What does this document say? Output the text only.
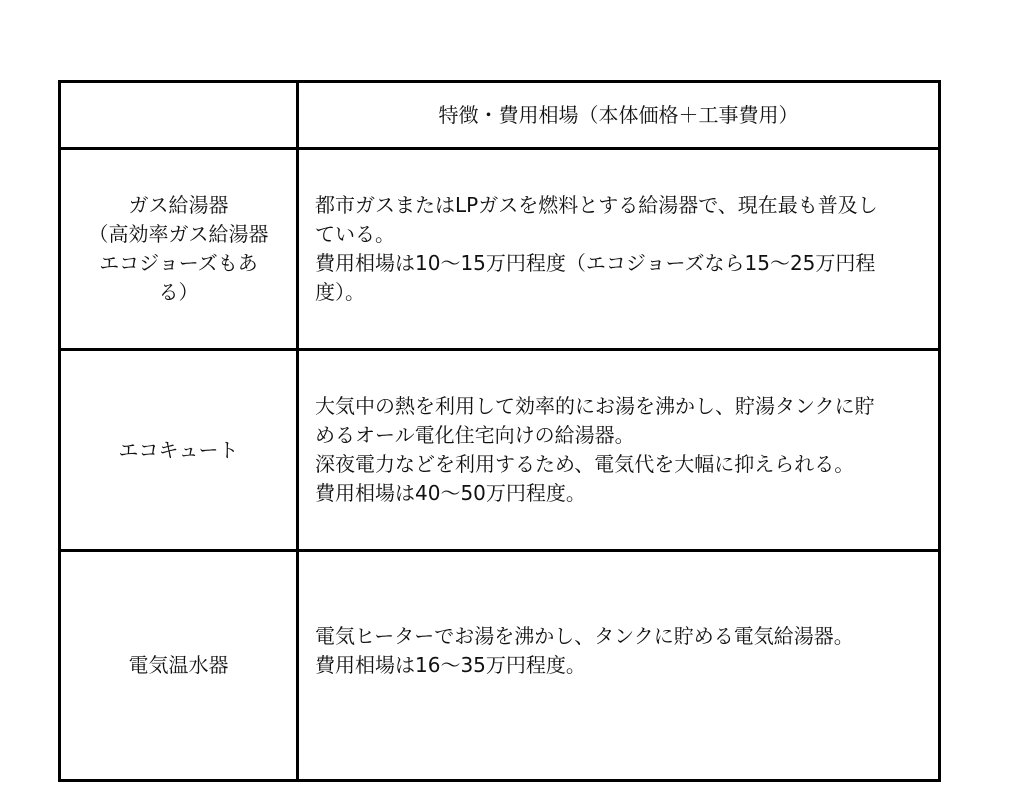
	特徴・費用相場（本体価格＋工事費用）

ガス給湯器
（高効率ガス給湯器
エコジョーズもあ
る）	都市ガスまたはLPガスを燃料とする給湯器で、現在最も普及し
ている。
費用相場は10〜15万円程度（エコジョーズなら15〜25万円程
度）。

エコキュート	大気中の熱を利用して効率的にお湯を沸かし、貯湯タンクに貯
めるオール電化住宅向けの給湯器。
深夜電力などを利用するため、電気代を大幅に抑えられる。
費用相場は40〜50万円程度。

電気温水器	電気ヒーターでお湯を沸かし、タンクに貯める電気給湯器。
費用相場は16〜35万円程度。
